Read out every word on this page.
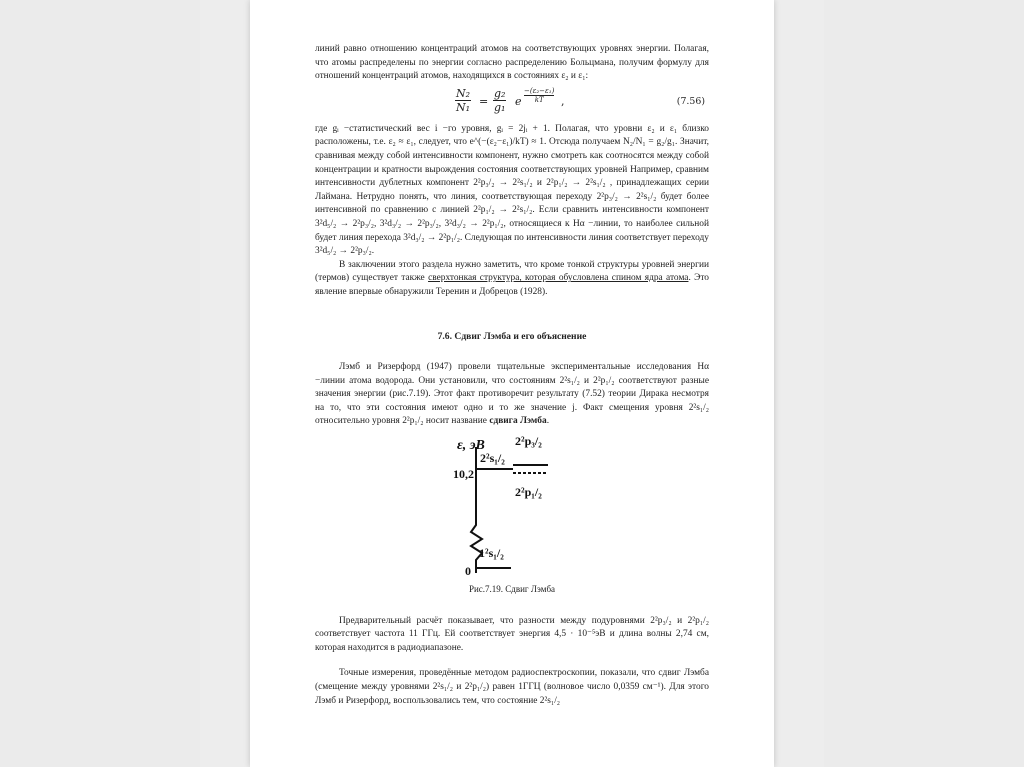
линий равно отношению концентраций атомов на соответствующих уровнях энергии. Полагая, что атомы распределены по энергии согласно распределению Больцмана, получим формулу для отношений концентраций атомов, находящихся в состояниях ε₂ и ε₁:

$\frac{\text{N₂}}{\text{N₁}} = \frac{\text{g₂}}{\text{g₁}}$ e $\frac{\text{−(ε₂−ε₁)}}{kT}$ ,	(7.56)

где gᵢ −статистический вес i −го уровня, gᵢ = 2jᵢ + 1. Полагая, что уровни ε₂ и ε₁ близко расположены, т.е. ε₂ ≈ ε₁, следует, что e^(−(ε₂−ε₁)/kT) ≈ 1. Отсюда получаем N₂/N₁ = g₂/g₁. Значит, сравнивая между собой интенсивности компонент, нужно смотреть как соотносятся между собой концентрации и кратности вырождения состояния соответствующих уровней Например, сравним интенсивности дублетных компонент 2²p₃/₂ → 2²s₁/₂ и 2²p₁/₂ → 2²s₁/₂ , принадлежащих серии Лаймана. Нетрудно понять, что линия, соответствующая переходу 2²p₃/₂ → 2²s₁/₂ будет более интенсивной по сравнению с линией 2²p₁/₂ → 2²s₁/₂. Если сравнить интенсивности компонент 3²d₅/₂ → 2²p₃/₂, 3²d₃/₂ → 2²p₃/₂, 3²d₃/₂ → 2²p₁/₂, относящиеся к Hα −линии, то наиболее сильной будет линия перехода 3²d₃/₂ → 2²p₁/₂. Следующая по интенсивности линия соответствует переходу 3²d₅/₂ → 2²p₃/₂.

В заключении этого раздела нужно заметить, что кроме тонкой структуры уровней энергии (термов) существует также сверхтонкая структура, которая обусловлена спином ядра атома. Это явление впервые обнаружили Теренин и Добрецов (1928).

7.6. Сдвиг Лэмба и его объяснение

Лэмб и Ризерфорд (1947) провели тщательные экспериментальные исследования Hα −линии атома водорода. Они установили, что состояниям 2²s₁/₂ и 2²p₁/₂ соответствуют разные значения энергии (рис.7.19). Этот факт противоречит результату (7.52) теории Дирака несмотря на то, что эти состояния имеют одно и то же значение j. Факт смещения уровня 2²s₁/₂ относительно уровня 2²p₁/₂ носит название сдвига Лэмба.

ε, эВ
10,2
0
2²s₁/₂
2²p₃/₂
2²p₁/₂
1²s₁/₂
Рис.7.19. Сдвиг Лэмба

Предварительный расчёт показывает, что разности между подуровнями 2²p₃/₂ и 2²p₁/₂ соответствует частота 11 ГГц. Ей соответствует энергия 4,5 · 10⁻⁵эВ и длина волны 2,74 см, которая находится в радиодиапазоне.

Точные измерения, проведённые методом радиоспектроскопии, показали, что сдвиг Лэмба (смещение между уровнями 2²s₁/₂ и 2²p₁/₂) равен 1ГГЦ (волновое число 0,0359 см⁻¹). Для этого Лэмб и Ризерфорд, воспользовались тем, что состояние 2²s₁/₂
